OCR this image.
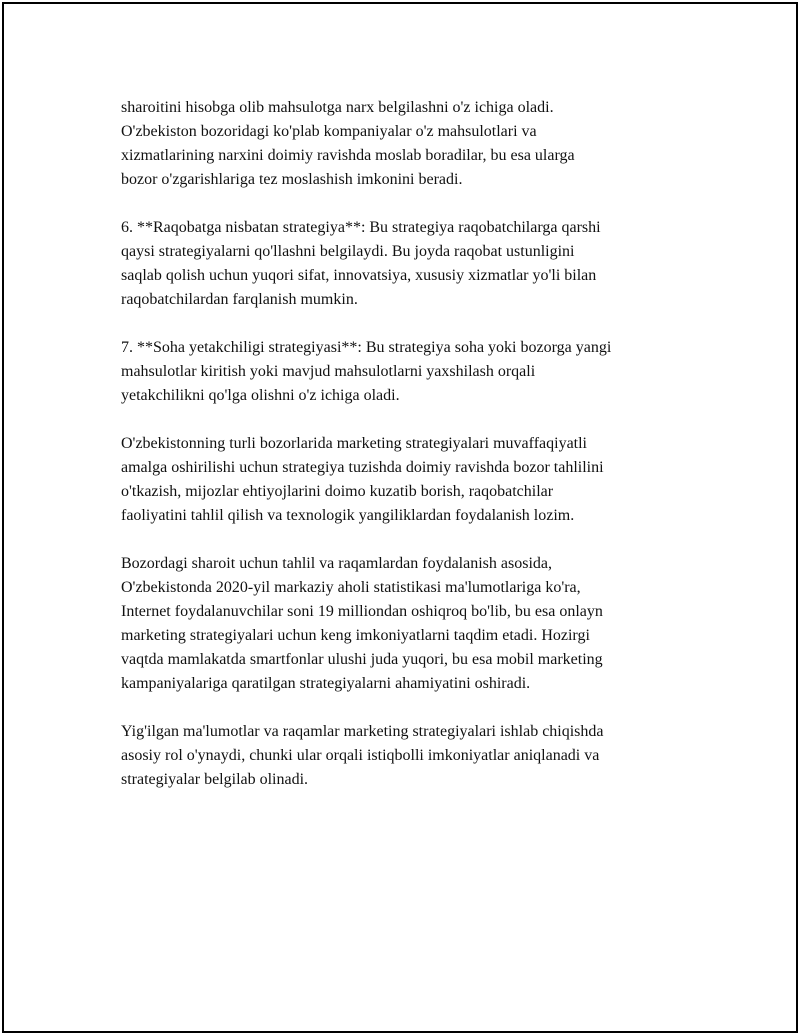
sharoitini hisobga olib mahsulotga narx belgilashni o'z ichiga oladi.
O'zbekiston bozoridagi ko'plab kompaniyalar o'z mahsulotlari va
xizmatlarining narxini doimiy ravishda moslab boradilar, bu esa ularga
bozor o'zgarishlariga tez moslashish imkonini beradi.
6. **Raqobatga nisbatan strategiya**: Bu strategiya raqobatchilarga qarshi
qaysi strategiyalarni qo'llashni belgilaydi. Bu joyda raqobat ustunligini
saqlab qolish uchun yuqori sifat, innovatsiya, xususiy xizmatlar yo'li bilan
raqobatchilardan farqlanish mumkin.
7. **Soha yetakchiligi strategiyasi**: Bu strategiya soha yoki bozorga yangi
mahsulotlar kiritish yoki mavjud mahsulotlarni yaxshilash orqali
yetakchilikni qo'lga olishni o'z ichiga oladi.
O'zbekistonning turli bozorlarida marketing strategiyalari muvaffaqiyatli
amalga oshirilishi uchun strategiya tuzishda doimiy ravishda bozor tahlilini
o'tkazish, mijozlar ehtiyojlarini doimo kuzatib borish, raqobatchilar
faoliyatini tahlil qilish va texnologik yangiliklardan foydalanish lozim.
Bozordagi sharoit uchun tahlil va raqamlardan foydalanish asosida,
O'zbekistonda 2020-yil markaziy aholi statistikasi ma'lumotlariga ko'ra,
Internet foydalanuvchilar soni 19 milliondan oshiqroq bo'lib, bu esa onlayn
marketing strategiyalari uchun keng imkoniyatlarni taqdim etadi. Hozirgi
vaqtda mamlakatda smartfonlar ulushi juda yuqori, bu esa mobil marketing
kampaniyalariga qaratilgan strategiyalarni ahamiyatini oshiradi.
Yig'ilgan ma'lumotlar va raqamlar marketing strategiyalari ishlab chiqishda
asosiy rol o'ynaydi, chunki ular orqali istiqbolli imkoniyatlar aniqlanadi va
strategiyalar belgilab olinadi.
